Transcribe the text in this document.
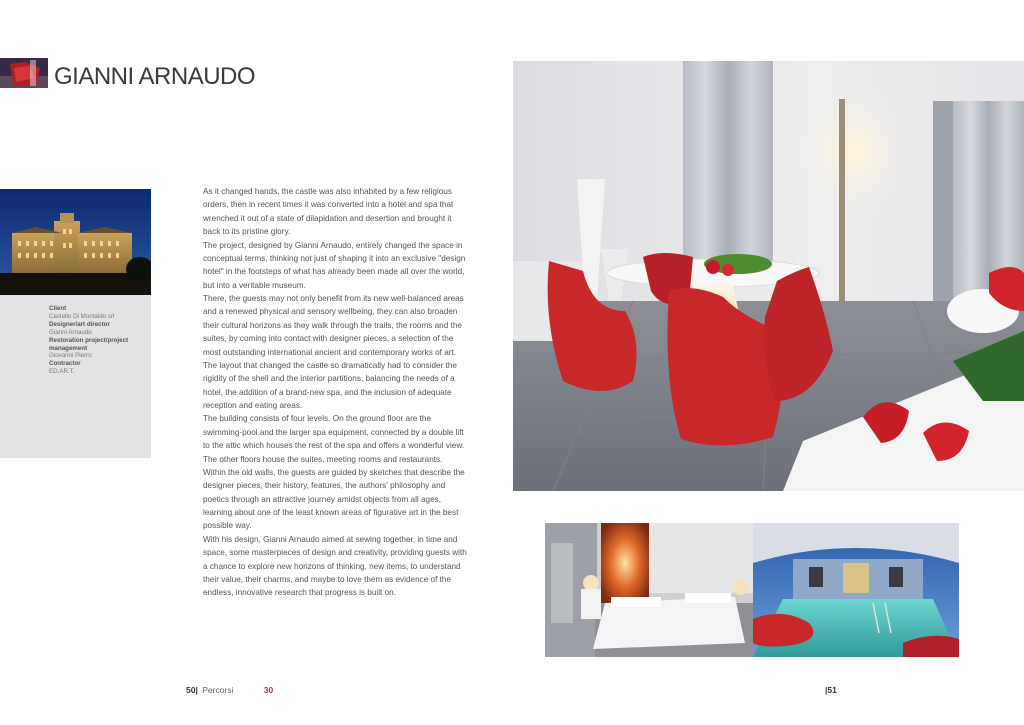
GIANNI ARNAUDO
Client
Castello Di Montaldo srl
Designer/art director
Gianni Arnaudo
Restoration project/project management
Giovanni Pierro
Contractor
ED.AR.T.

As it changed hands, the castle was also inhabited by a few religious orders, then in recent times it was converted into a hotel and spa that wrenched it out of a state of dilapidation and desertion and brought it back to its pristine glory.

The project, designed by Gianni Arnaudo, entirely changed the space in conceptual terms, thinking not just of shaping it into an exclusive "design hotel" in the footsteps of what has already been made all over the world, but into a veritable museum.

There, the guests may not only benefit from its new well-balanced areas and a renewed physical and sensory wellbeing, they can also broaden their cultural horizons as they walk through the trails, the rooms and the suites, by coming into contact with designer pieces, a selection of the most outstanding international ancient and contemporary works of art.

The layout that changed the castle so dramatically had to consider the rigidity of the shell and the interior partitions, balancing the needs of a hotel, the addition of a brand-new spa, and the inclusion of adequate reception and eating areas.

The building consists of four levels. On the ground floor are the swimming-pool and the larger spa equipment, connected by a double lift to the attic which houses the rest of the spa and offers a wonderful view.

The other floors house the suites, meeting rooms and restaurants. Within the old walls, the guests are guided by sketches that describe the designer pieces, their history, features, the authors' philosophy and poetics through an attractive journey amidst objects from all ages, learning about one of the least known areas of figurative art in the best possible way.

With his design, Gianni Arnaudo aimed at sewing together, in time and space, some masterpieces of design and creativity, providing guests with a chance to explore new horizons of thinking, new items, to understand their value, their charms, and maybe to love them as evidence of the endless, innovative research that progress is built on.

50| Percorsi	30	|51
